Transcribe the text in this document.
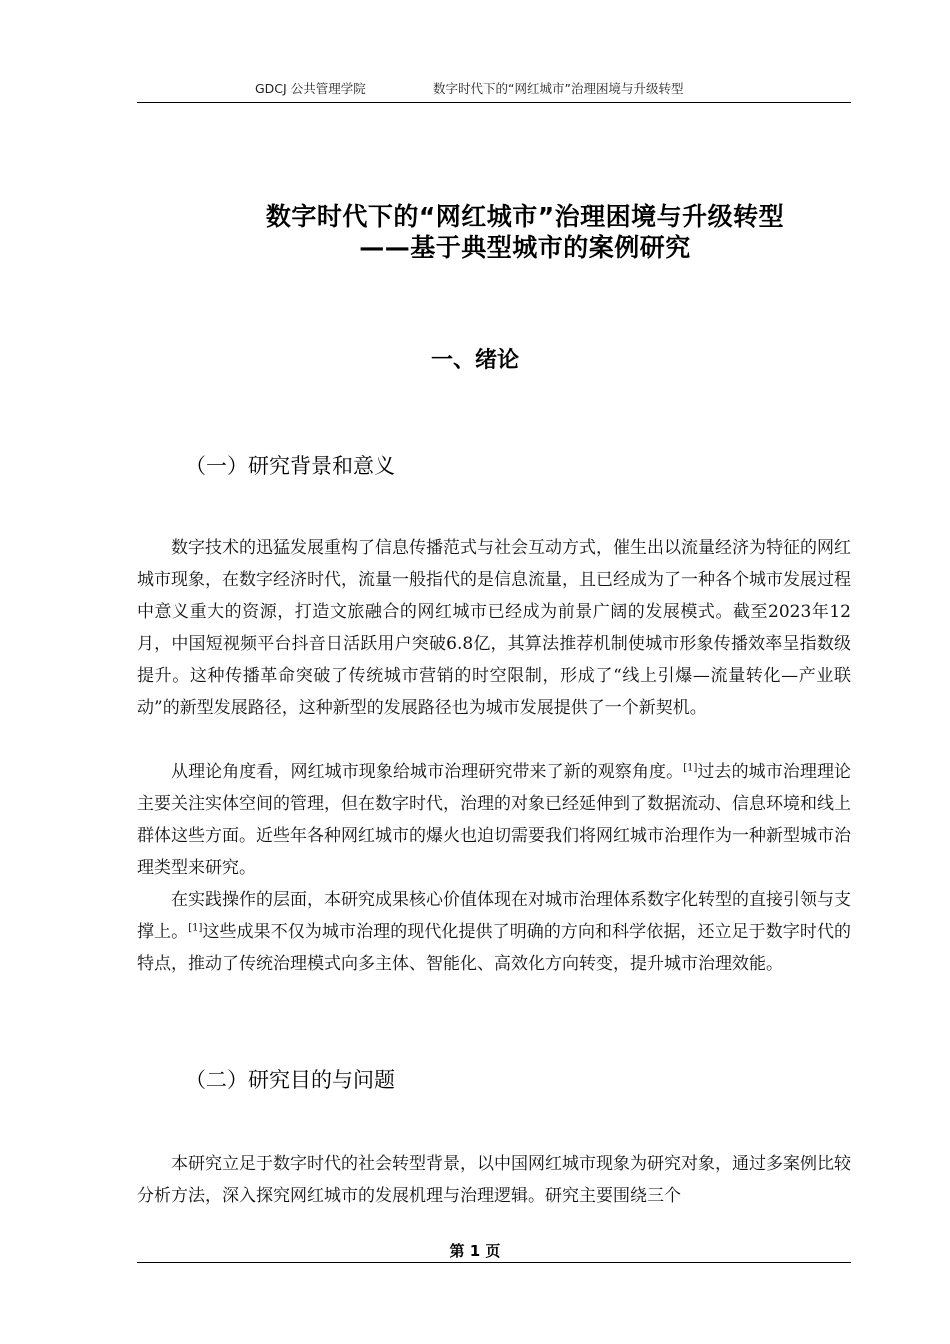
GDCJ 公共管理学院	数字时代下的“网红城市”治理困境与升级转型
数字时代下的“网红城市”治理困境与升级转型
——基于典型城市的案例研究
一、绪论
（一）研究背景和意义

数字技术的迅猛发展重构了信息传播范式与社会互动方式，催生出以流量经济为特征的网红城市现象，在数字经济时代，流量一般指代的是信息流量，且已经成为了一种各个城市发展过程中意义重大的资源，打造文旅融合的网红城市已经成为前景广阔的发展模式。截至2023年12月，中国短视频平台抖音日活跃用户突破6.8亿，其算法推荐机制使城市形象传播效率呈指数级提升。这种传播革命突破了传统城市营销的时空限制，形成了“线上引爆—流量转化—产业联动”的新型发展路径，这种新型的发展路径也为城市发展提供了一个新契机。

从理论角度看，网红城市现象给城市治理研究带来了新的观察角度。[1]过去的城市治理理论主要关注实体空间的管理，但在数字时代，治理的对象已经延伸到了数据流动、信息环境和线上群体这些方面。近些年各种网红城市的爆火也迫切需要我们将网红城市治理作为一种新型城市治理类型来研究。

在实践操作的层面，本研究成果核心价值体现在对城市治理体系数字化转型的直接引领与支撑上。[1]这些成果不仅为城市治理的现代化提供了明确的方向和科学依据，还立足于数字时代的特点，推动了传统治理模式向多主体、智能化、高效化方向转变，提升城市治理效能。

（二）研究目的与问题

本研究立足于数字时代的社会转型背景，以中国网红城市现象为研究对象，通过多案例比较分析方法，深入探究网红城市的发展机理与治理逻辑。研究主要围绕三个

第 1 页
